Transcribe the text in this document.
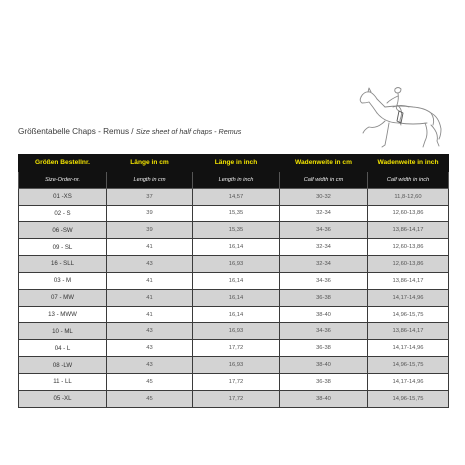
Größentabelle Chaps - Remus / Size sheet of half chaps - Remus
Größen Bestellnr.	Länge in cm	Länge in inch	Wadenweite in cm	Wadenweite in inch
Size-Order-nr.	Length in cm	Length in inch	Calf width in cm	Calf width in inch
01 -XS	37	14,57	30-32	11,8-12,60
02 - S	39	15,35	32-34	12,60-13,86
06 -SW	39	15,35	34-36	13,86-14,17
09 - SL	41	16,14	32-34	12,60-13,86
16 - SLL	43	16,93	32-34	12,60-13,86
03 - M	41	16,14	34-36	13,86-14,17
07 - MW	41	16,14	36-38	14,17-14,96
13 - MWW	41	16,14	38-40	14,96-15,75
10 - ML	43	16,93	34-36	13,86-14,17
04 - L	43	17,72	36-38	14,17-14,96
08 -LW	43	16,93	38-40	14,96-15,75
11 - LL	45	17,72	36-38	14,17-14,96
05 -XL	45	17,72	38-40	14,96-15,75
